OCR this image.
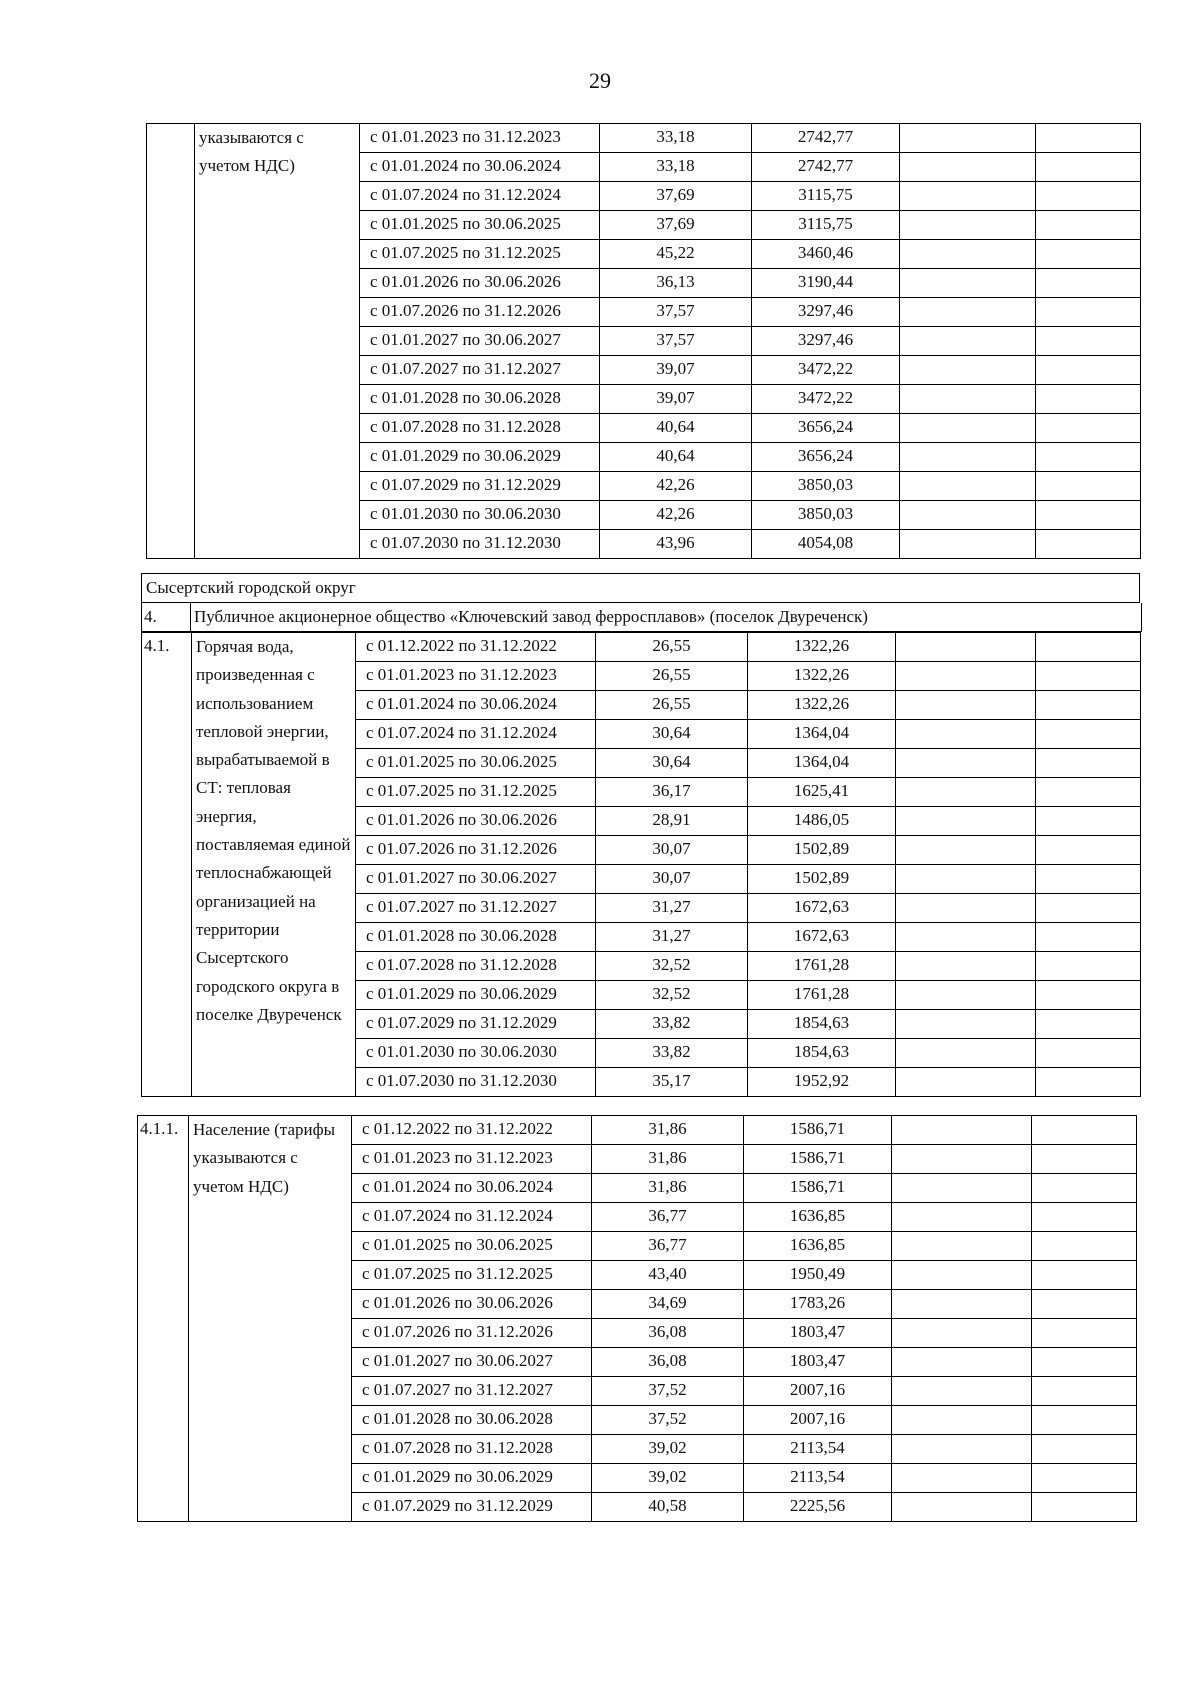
29
	указываются с учетом НДС)	с 01.01.2023 по 31.12.2023	33,18	2742,77		
		с 01.01.2024 по 30.06.2024	33,18	2742,77		
		с 01.07.2024 по 31.12.2024	37,69	3115,75		
		с 01.01.2025 по 30.06.2025	37,69	3115,75		
		с 01.07.2025 по 31.12.2025	45,22	3460,46		
		с 01.01.2026 по 30.06.2026	36,13	3190,44		
		с 01.07.2026 по 31.12.2026	37,57	3297,46		
		с 01.01.2027 по 30.06.2027	37,57	3297,46		
		с 01.07.2027 по 31.12.2027	39,07	3472,22		
		с 01.01.2028 по 30.06.2028	39,07	3472,22		
		с 01.07.2028 по 31.12.2028	40,64	3656,24		
		с 01.01.2029 по 30.06.2029	40,64	3656,24		
		с 01.07.2029 по 31.12.2029	42,26	3850,03		
		с 01.01.2030 по 30.06.2030	42,26	3850,03		
		с 01.07.2030 по 31.12.2030	43,96	4054,08		
Сысертский городской округ
4. Публичное акционерное общество «Ключевский завод ферросплавов» (поселок Двуреченск)
4.1.	Горячая вода, произведенная с использованием тепловой энергии, вырабатываемой в СТ: тепловая энергия, поставляемая единой теплоснабжающей организацией на территории Сысертского городского округа в поселке Двуреченск	с 01.12.2022 по 31.12.2022	26,55	1322,26		
		с 01.01.2023 по 31.12.2023	26,55	1322,26		
		с 01.01.2024 по 30.06.2024	26,55	1322,26		
		с 01.07.2024 по 31.12.2024	30,64	1364,04		
		с 01.01.2025 по 30.06.2025	30,64	1364,04		
		с 01.07.2025 по 31.12.2025	36,17	1625,41		
		с 01.01.2026 по 30.06.2026	28,91	1486,05		
		с 01.07.2026 по 31.12.2026	30,07	1502,89		
		с 01.01.2027 по 30.06.2027	30,07	1502,89		
		с 01.07.2027 по 31.12.2027	31,27	1672,63		
		с 01.01.2028 по 30.06.2028	31,27	1672,63		
		с 01.07.2028 по 31.12.2028	32,52	1761,28		
		с 01.01.2029 по 30.06.2029	32,52	1761,28		
		с 01.07.2029 по 31.12.2029	33,82	1854,63		
		с 01.01.2030 по 30.06.2030	33,82	1854,63		
		с 01.07.2030 по 31.12.2030	35,17	1952,92		
4.1.1.	Население (тарифы указываются с учетом НДС)	с 01.12.2022 по 31.12.2022	31,86	1586,71		
		с 01.01.2023 по 31.12.2023	31,86	1586,71		
		с 01.01.2024 по 30.06.2024	31,86	1586,71		
		с 01.07.2024 по 31.12.2024	36,77	1636,85		
		с 01.01.2025 по 30.06.2025	36,77	1636,85		
		с 01.07.2025 по 31.12.2025	43,40	1950,49		
		с 01.01.2026 по 30.06.2026	34,69	1783,26		
		с 01.07.2026 по 31.12.2026	36,08	1803,47		
		с 01.01.2027 по 30.06.2027	36,08	1803,47		
		с 01.07.2027 по 31.12.2027	37,52	2007,16		
		с 01.01.2028 по 30.06.2028	37,52	2007,16		
		с 01.07.2028 по 31.12.2028	39,02	2113,54		
		с 01.01.2029 по 30.06.2029	39,02	2113,54		
		с 01.07.2029 по 31.12.2029	40,58	2225,56		
